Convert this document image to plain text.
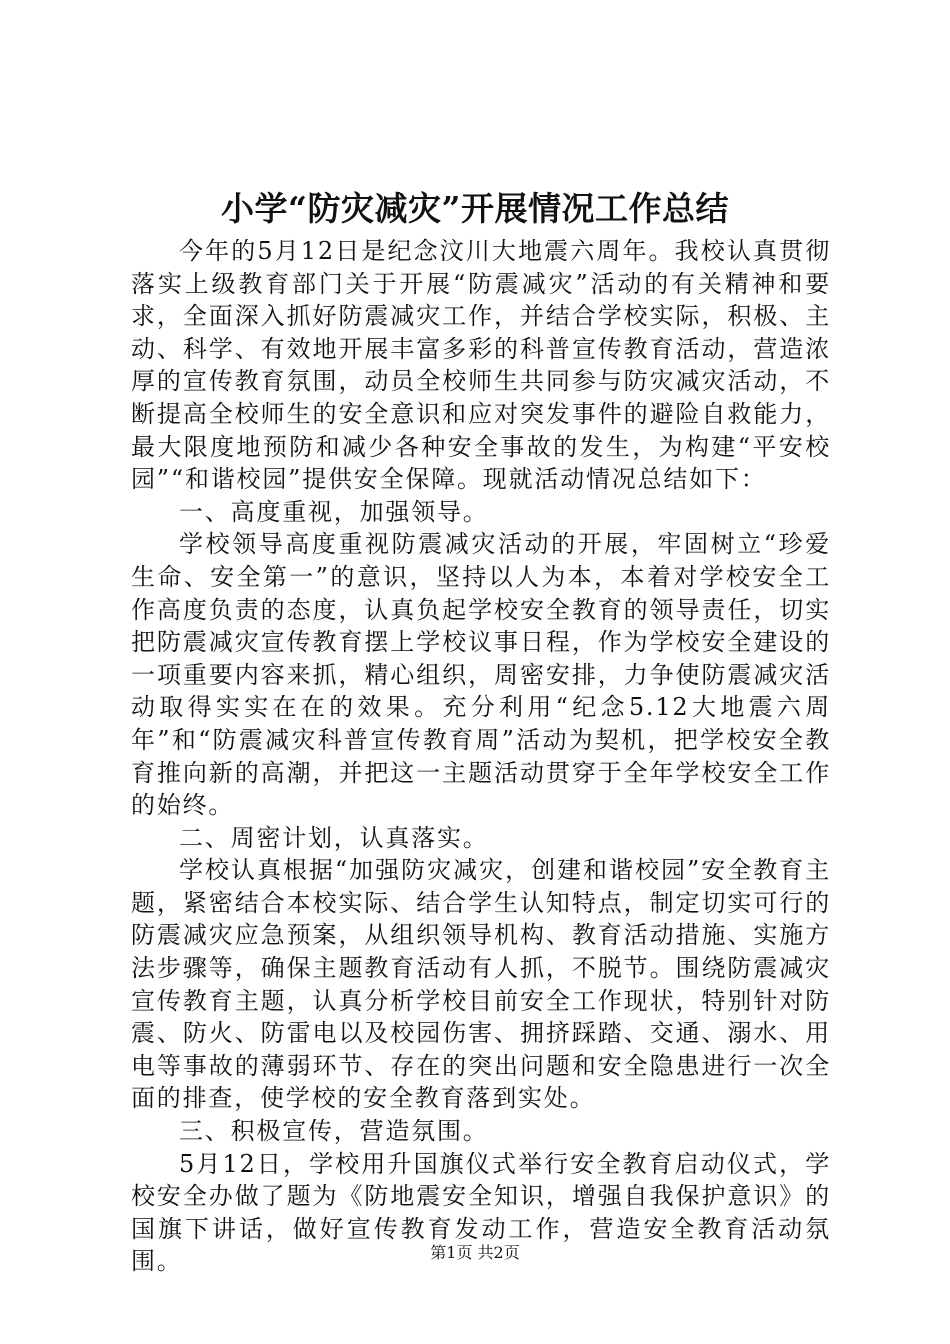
小学“防灾减灾”开展情况工作总结

今年的5月12日是纪念汶川大地震六周年。我校认真贯彻落实上级教育部门关于开展“防震减灾”活动的有关精神和要求，全面深入抓好防震减灾工作，并结合学校实际，积极、主动、科学、有效地开展丰富多彩的科普宣传教育活动，营造浓厚的宣传教育氛围，动员全校师生共同参与防灾减灾活动，不断提高全校师生的安全意识和应对突发事件的避险自救能力，最大限度地预防和减少各种安全事故的发生，为构建“平安校园”“和谐校园”提供安全保障。现就活动情况总结如下：

一、高度重视，加强领导。

学校领导高度重视防震减灾活动的开展，牢固树立“珍爱生命、安全第一”的意识，坚持以人为本，本着对学校安全工作高度负责的态度，认真负起学校安全教育的领导责任，切实把防震减灾宣传教育摆上学校议事日程，作为学校安全建设的一项重要内容来抓，精心组织，周密安排，力争使防震减灾活动取得实实在在的效果。充分利用“纪念5.12大地震六周年”和“防震减灾科普宣传教育周”活动为契机，把学校安全教育推向新的高潮，并把这一主题活动贯穿于全年学校安全工作的始终。

二、周密计划，认真落实。

学校认真根据“加强防灾减灾，创建和谐校园”安全教育主题，紧密结合本校实际、结合学生认知特点，制定切实可行的防震减灾应急预案，从组织领导机构、教育活动措施、实施方法步骤等，确保主题教育活动有人抓，不脱节。围绕防震减灾宣传教育主题，认真分析学校目前安全工作现状，特别针对防震、防火、防雷电以及校园伤害、拥挤踩踏、交通、溺水、用电等事故的薄弱环节、存在的突出问题和安全隐患进行一次全面的排查，使学校的安全教育落到实处。

三、积极宣传，营造氛围。

5月12日，学校用升国旗仪式举行安全教育启动仪式，学校安全办做了题为《防地震安全知识，增强自我保护意识》的国旗下讲话，做好宣传教育发动工作，营造安全教育活动氛围。	第1页 共2页
